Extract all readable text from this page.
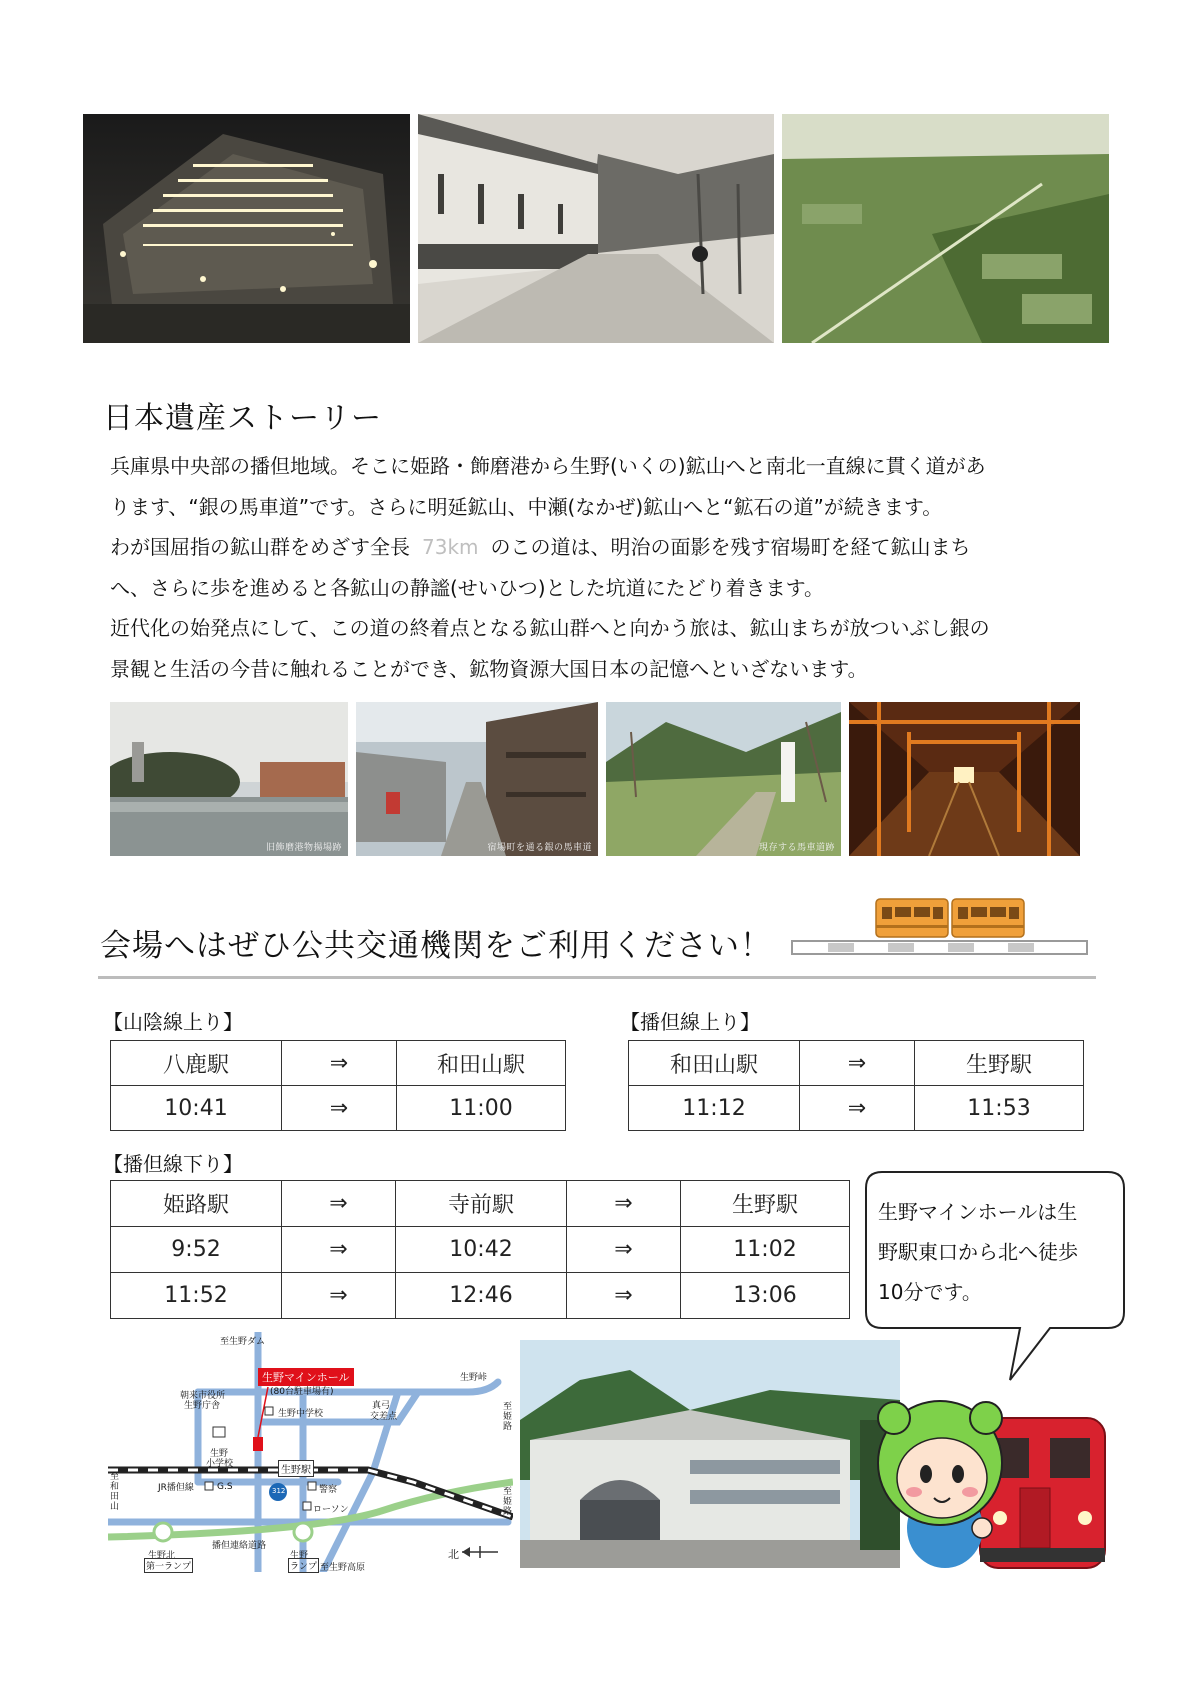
日本遺産ストーリー

兵庫県中央部の播但地域。そこに姫路・飾磨港から生野(いくの)鉱山へと南北一直線に貫く道があ

ります、“銀の馬車道”です。さらに明延鉱山、中瀬(なかぜ)鉱山へと“鉱石の道”が続きます。

わが国屈指の鉱山群をめざす全長 73km のこの道は、明治の面影を残す宿場町を経て鉱山まち

へ、さらに歩を進めると各鉱山の静謐(せいひつ)とした坑道にたどり着きます。

近代化の始発点にして、この道の終着点となる鉱山群へと向かう旅は、鉱山まちが放ついぶし銀の

景観と生活の今昔に触れることができ、鉱物資源大国日本の記憶へといざないます。

旧飾磨港物揚場跡	宿場町を通る銀の馬車道	現存する馬車道跡
会場へはぜひ公共交通機関をご利用ください！
【山陰線上り】
八鹿駅	⇒	和田山駅
10:41	⇒	11:00
【播但線上り】
和田山駅	⇒	生野駅
11:12	⇒	11:53
【播但線下り】
姫路駅	⇒	寺前駅	⇒	生野駅
9:52	⇒	10:42	⇒	11:02
11:52	⇒	12:46	⇒	13:06
生野マインホールは生
野駅東口から北へ徒歩
10分です。
生野マインホール
(80台駐車場有)
至生野ダム
朝来市役所
生野庁舎
生野中学校
真弓
交差点
生野峠
至姫路
至姫路
生野
小学校
生野駅
JR播但線	G.S	警察
312
ローソン
至和田山
播但連絡道路
生野北
第一ランプ
生野
ランプ 至生野高原
北
